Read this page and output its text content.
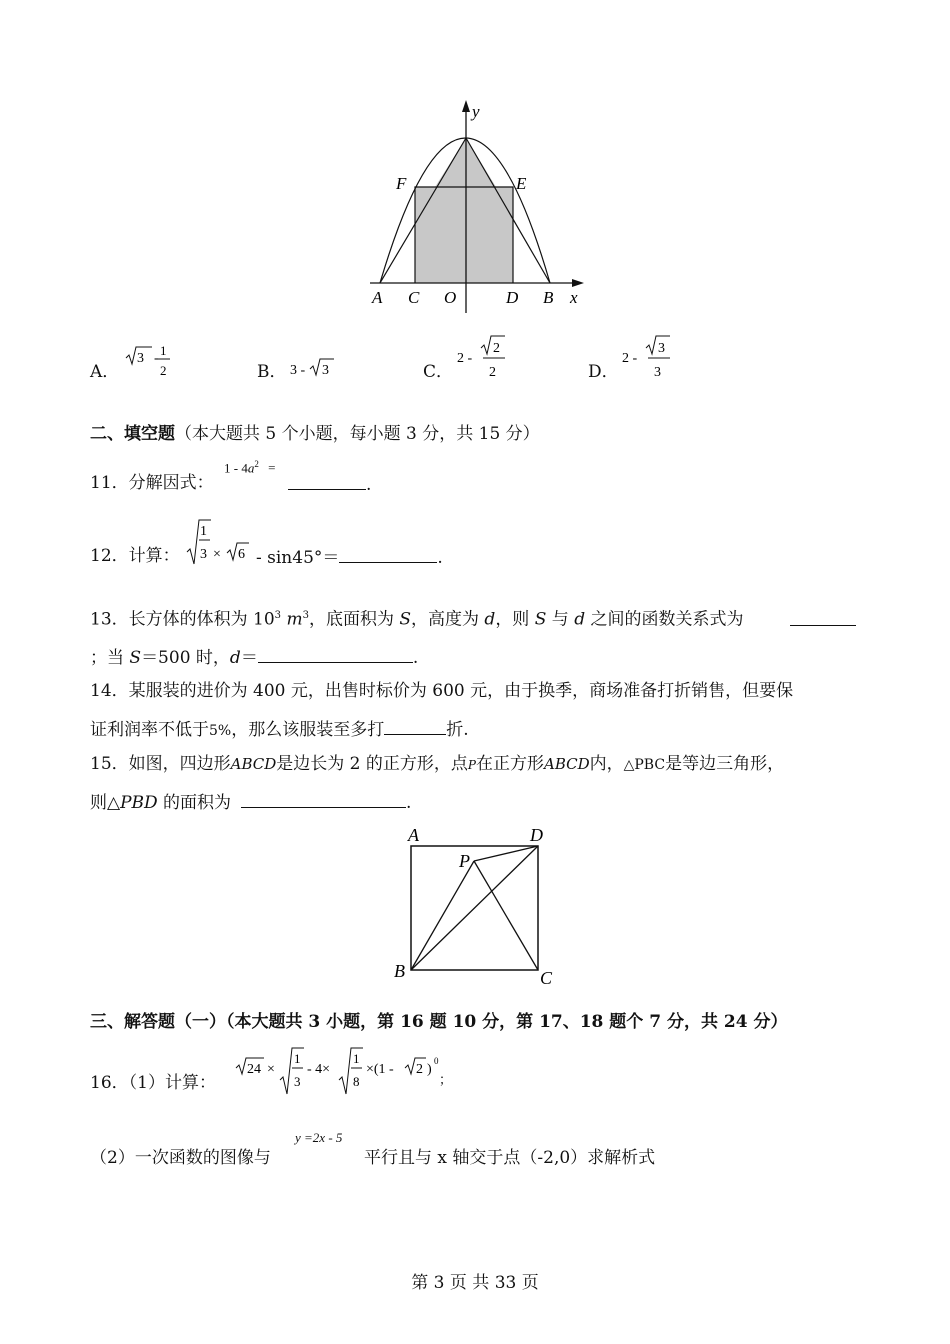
y
F	E
A C O	D B x
A．
3 -
1
2	B． 3 - 3	C．
2 -
2
2	D．
2 -
3
3
二、填空题（本大题共 5 个小题，每小题 3 分，共 15 分）
11．分解因式：
$1 - 4a^2$ =
.
12．计算：
1
3 × 6 - sin45°＝	.
13．长方体的体积为 $10^3$ $m^3$，底面积为 S，高度为 d，则 S 与 d 之间的函数关系式为
；当 S＝500 时，d＝	.
14．某服装的进价为 400 元，出售时标价为 600 元，由于换季，商场准备打折销售，但要保
证利润率不低于5%，那么该服装至多打	折.
15．如图，四边形ABCD是边长为 2 的正方形，点P在正方形ABCD内，△PBC是等边三角形，
则△PBD 的面积为	.
A	D
P
B	C
三、解答题（一）（本大题共 3 小题，第 16 题 10 分，第 17、18 题个 7 分，共 24 分）
16．（1）计算：
24 ×
1
3
- 4×
1
8
×(1 - 2 )
0
；
（2）一次函数的图像与
y =2x - 5
平行且与 x 轴交于点（-2,0）求解析式
第 3 页 共 33 页
